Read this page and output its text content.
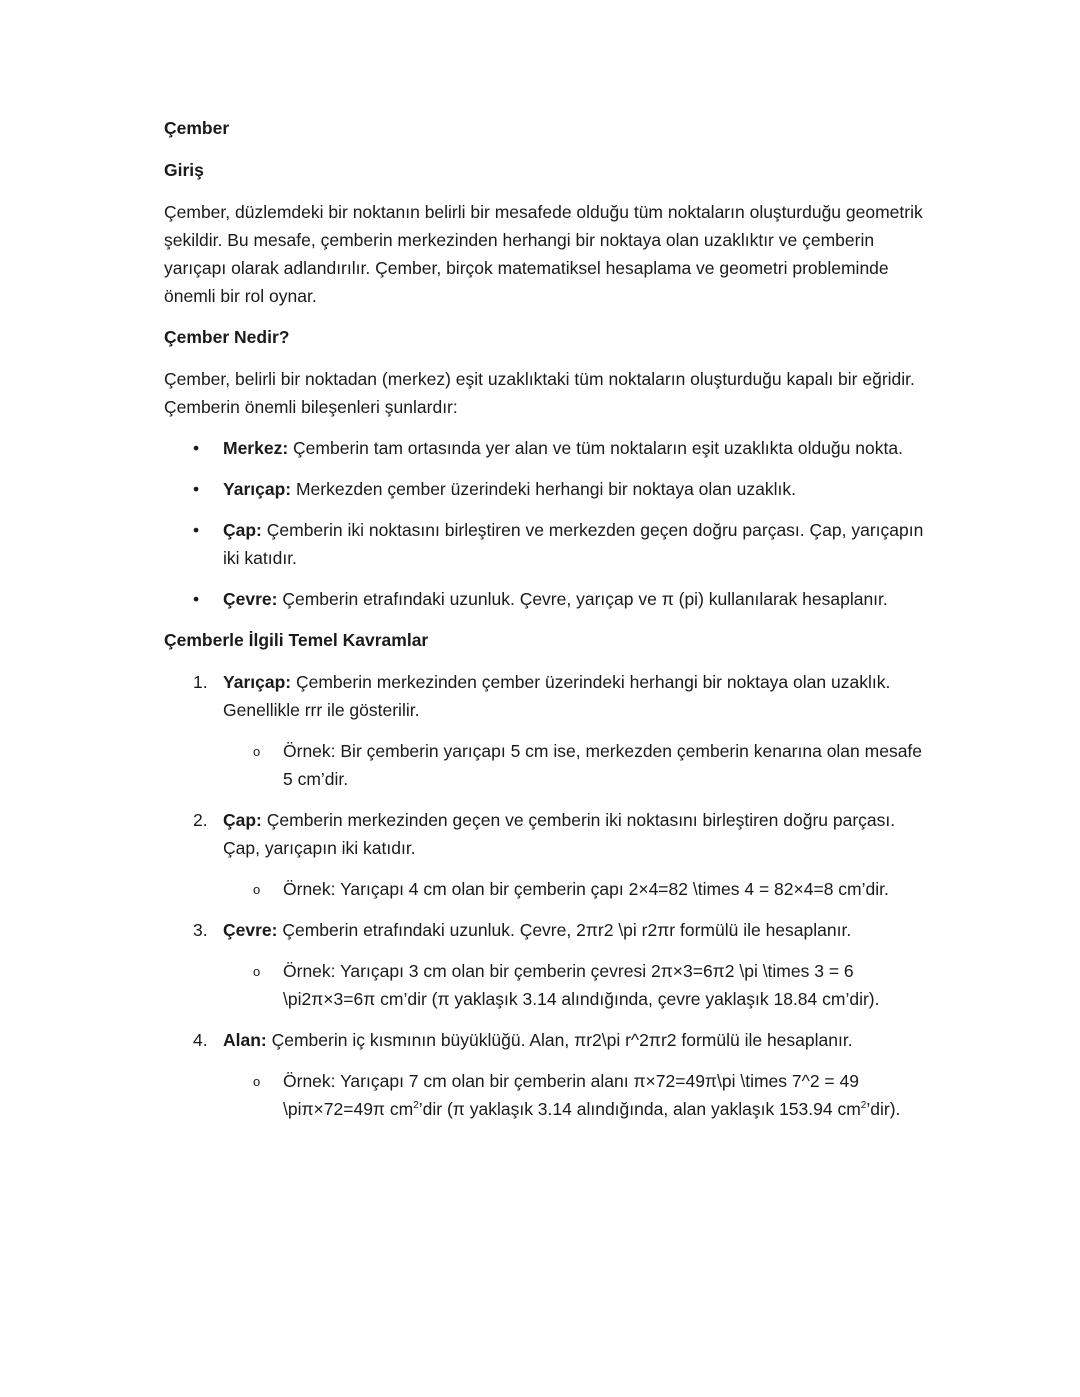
Çember
Giriş

Çember, düzlemdeki bir noktanın belirli bir mesafede olduğu tüm noktaların oluşturduğu geometrik şekildir. Bu mesafe, çemberin merkezinden herhangi bir noktaya olan uzaklıktır ve çemberin yarıçapı olarak adlandırılır. Çember, birçok matematiksel hesaplama ve geometri probleminde önemli bir rol oynar.

Çember Nedir?

Çember, belirli bir noktadan (merkez) eşit uzaklıktaki tüm noktaların oluşturduğu kapalı bir eğridir. Çemberin önemli bileşenleri şunlardır:

• Merkez: Çemberin tam ortasında yer alan ve tüm noktaların eşit uzaklıkta olduğu nokta.
• Yarıçap: Merkezden çember üzerindeki herhangi bir noktaya olan uzaklık.
• Çap: Çemberin iki noktasını birleştiren ve merkezden geçen doğru parçası. Çap, yarıçapın iki katıdır.
• Çevre: Çemberin etrafındaki uzunluk. Çevre, yarıçap ve π (pi) kullanılarak hesaplanır.
Çemberle İlgili Temel Kavramlar
1. Yarıçap: Çemberin merkezinden çember üzerindeki herhangi bir noktaya olan uzaklık. Genellikle rrr ile gösterilir.
o Örnek: Bir çemberin yarıçapı 5 cm ise, merkezden çemberin kenarına olan mesafe 5 cm’dir.
2. Çap: Çemberin merkezinden geçen ve çemberin iki noktasını birleştiren doğru parçası. Çap, yarıçapın iki katıdır.
o Örnek: Yarıçapı 4 cm olan bir çemberin çapı 2×4=82 \times 4 = 82×4=8 cm’dir.
3. Çevre: Çemberin etrafındaki uzunluk. Çevre, 2πr2 \pi r2πr formülü ile hesaplanır.
o Örnek: Yarıçapı 3 cm olan bir çemberin çevresi 2π×3=6π2 \pi \times 3 = 6 \pi2π×3=6π cm’dir (π yaklaşık 3.14 alındığında, çevre yaklaşık 18.84 cm’dir).
4. Alan: Çemberin iç kısmının büyüklüğü. Alan, πr2\pi r^2πr2 formülü ile hesaplanır.
o Örnek: Yarıçapı 7 cm olan bir çemberin alanı π×72=49π\pi \times 7^2 = 49 \piπ×72=49π $cm^2’dir$ (π yaklaşık 3.14 alındığında, alan yaklaşık 153.94 $cm^2’dir$).
